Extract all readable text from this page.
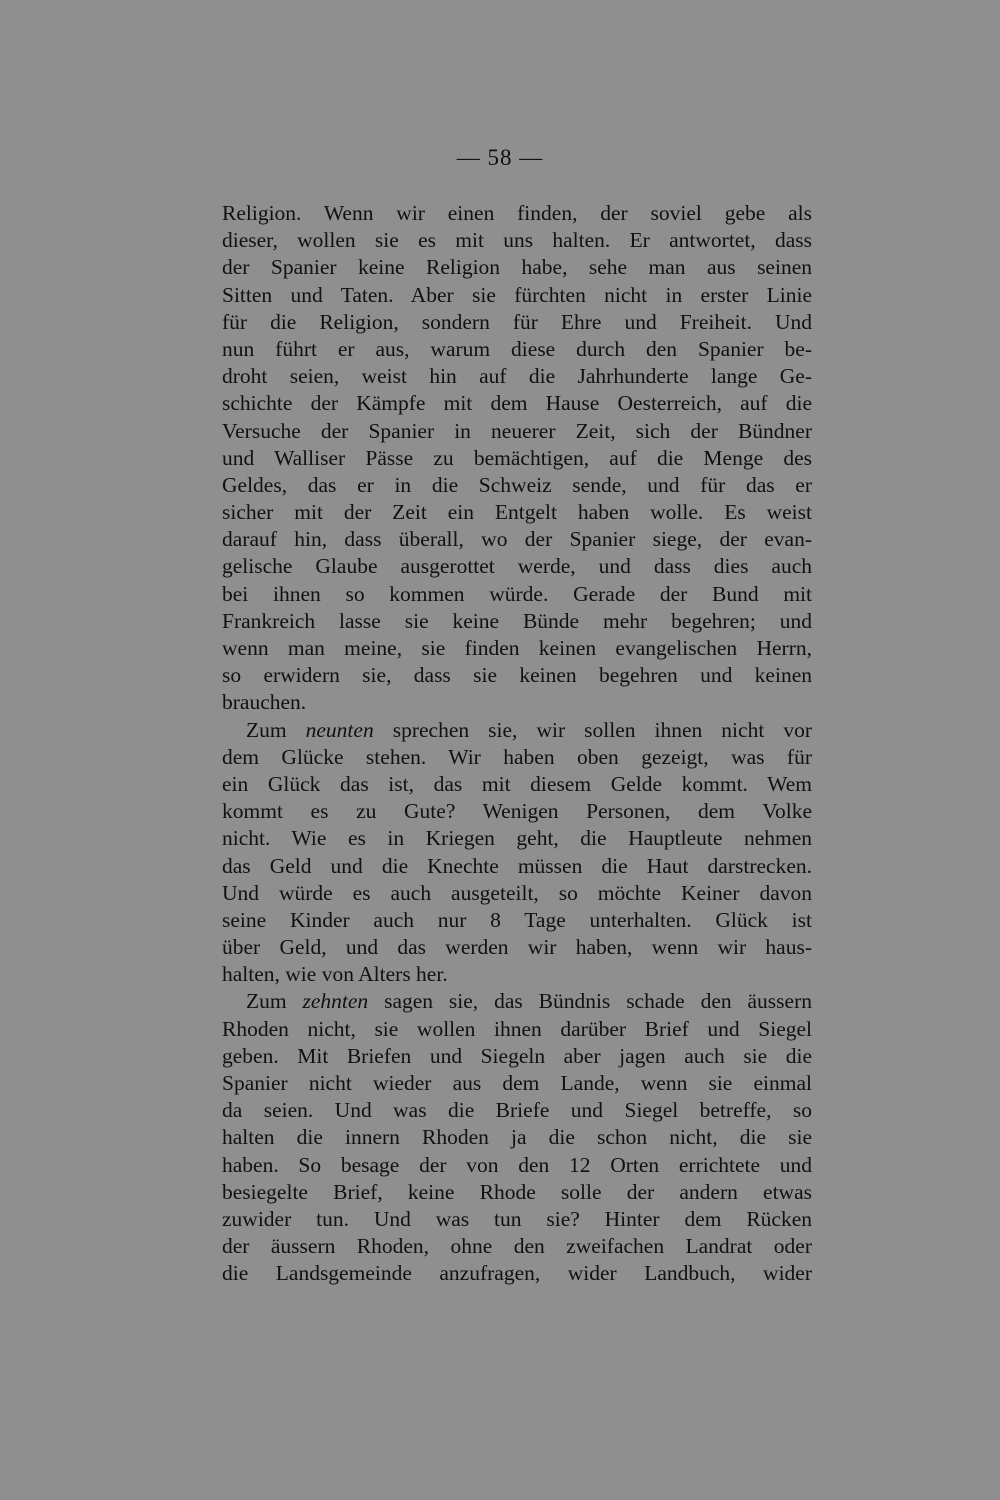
— 58 —
Religion. Wenn wir einen finden, der soviel gebe als
dieser, wollen sie es mit uns halten. Er antwortet, dass
der Spanier keine Religion habe, sehe man aus seinen
Sitten und Taten. Aber sie fürchten nicht in erster Linie
für die Religion, sondern für Ehre und Freiheit. Und
nun führt er aus, warum diese durch den Spanier be-
droht seien, weist hin auf die Jahrhunderte lange Ge-
schichte der Kämpfe mit dem Hause Oesterreich, auf die
Versuche der Spanier in neuerer Zeit, sich der Bündner
und Walliser Pässe zu bemächtigen, auf die Menge des
Geldes, das er in die Schweiz sende, und für das er
sicher mit der Zeit ein Entgelt haben wolle. Es weist
darauf hin, dass überall, wo der Spanier siege, der evan-
gelische Glaube ausgerottet werde, und dass dies auch
bei ihnen so kommen würde. Gerade der Bund mit
Frankreich lasse sie keine Bünde mehr begehren; und
wenn man meine, sie finden keinen evangelischen Herrn,
so erwidern sie, dass sie keinen begehren und keinen
brauchen.
Zum neunten sprechen sie, wir sollen ihnen nicht vor
dem Glücke stehen. Wir haben oben gezeigt, was für
ein Glück das ist, das mit diesem Gelde kommt. Wem
kommt es zu Gute? Wenigen Personen, dem Volke
nicht. Wie es in Kriegen geht, die Hauptleute nehmen
das Geld und die Knechte müssen die Haut darstrecken.
Und würde es auch ausgeteilt, so möchte Keiner davon
seine Kinder auch nur 8 Tage unterhalten. Glück ist
über Geld, und das werden wir haben, wenn wir haus-
halten, wie von Alters her.
Zum zehnten sagen sie, das Bündnis schade den äussern
Rhoden nicht, sie wollen ihnen darüber Brief und Siegel
geben. Mit Briefen und Siegeln aber jagen auch sie die
Spanier nicht wieder aus dem Lande, wenn sie einmal
da seien. Und was die Briefe und Siegel betreffe, so
halten die innern Rhoden ja die schon nicht, die sie
haben. So besage der von den 12 Orten errichtete und
besiegelte Brief, keine Rhode solle der andern etwas
zuwider tun. Und was tun sie? Hinter dem Rücken
der äussern Rhoden, ohne den zweifachen Landrat oder
die Landsgemeinde anzufragen, wider Landbuch, wider
